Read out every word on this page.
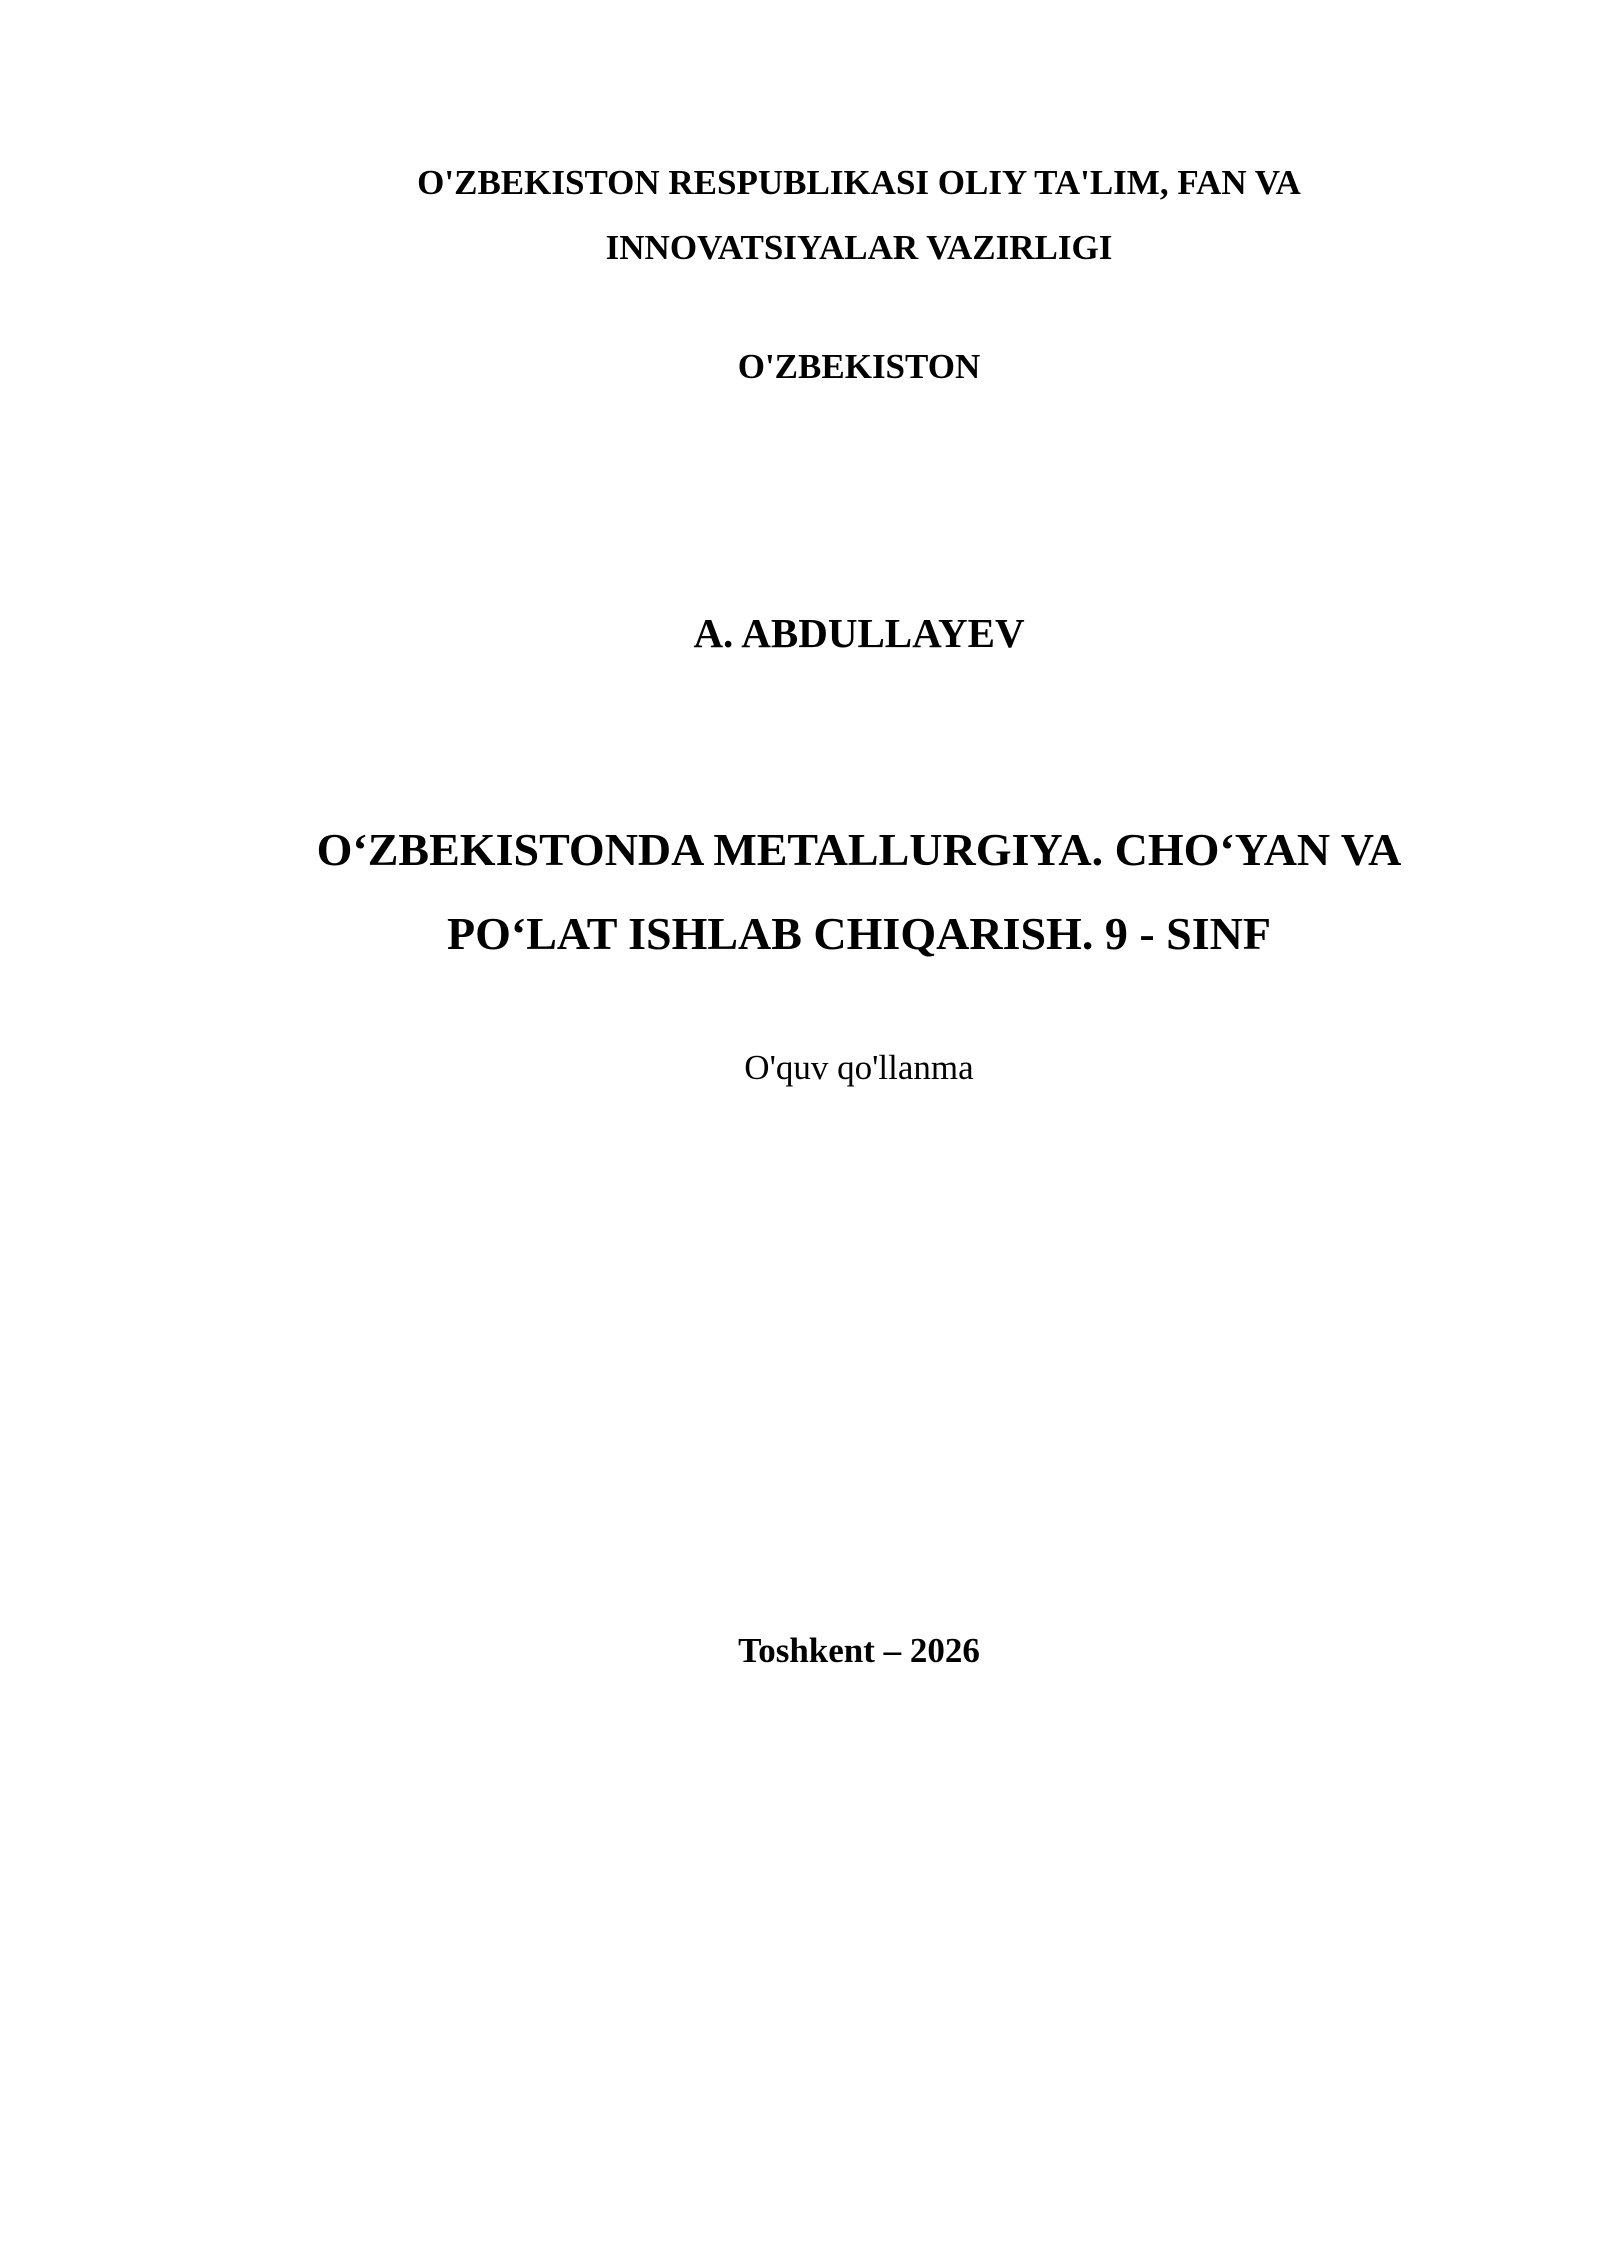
O'ZBEKISTON RESPUBLIKASI OLIY TA'LIM, FAN VA
INNOVATSIYALAR VAZIRLIGI
O'ZBEKISTON
A. ABDULLAYEV
O‘ZBEKISTONDA METALLURGIYA. CHO‘YAN VA
PO‘LAT ISHLAB CHIQARISH. 9 - SINF
O'quv qo'llanma
Toshkent – 2026
